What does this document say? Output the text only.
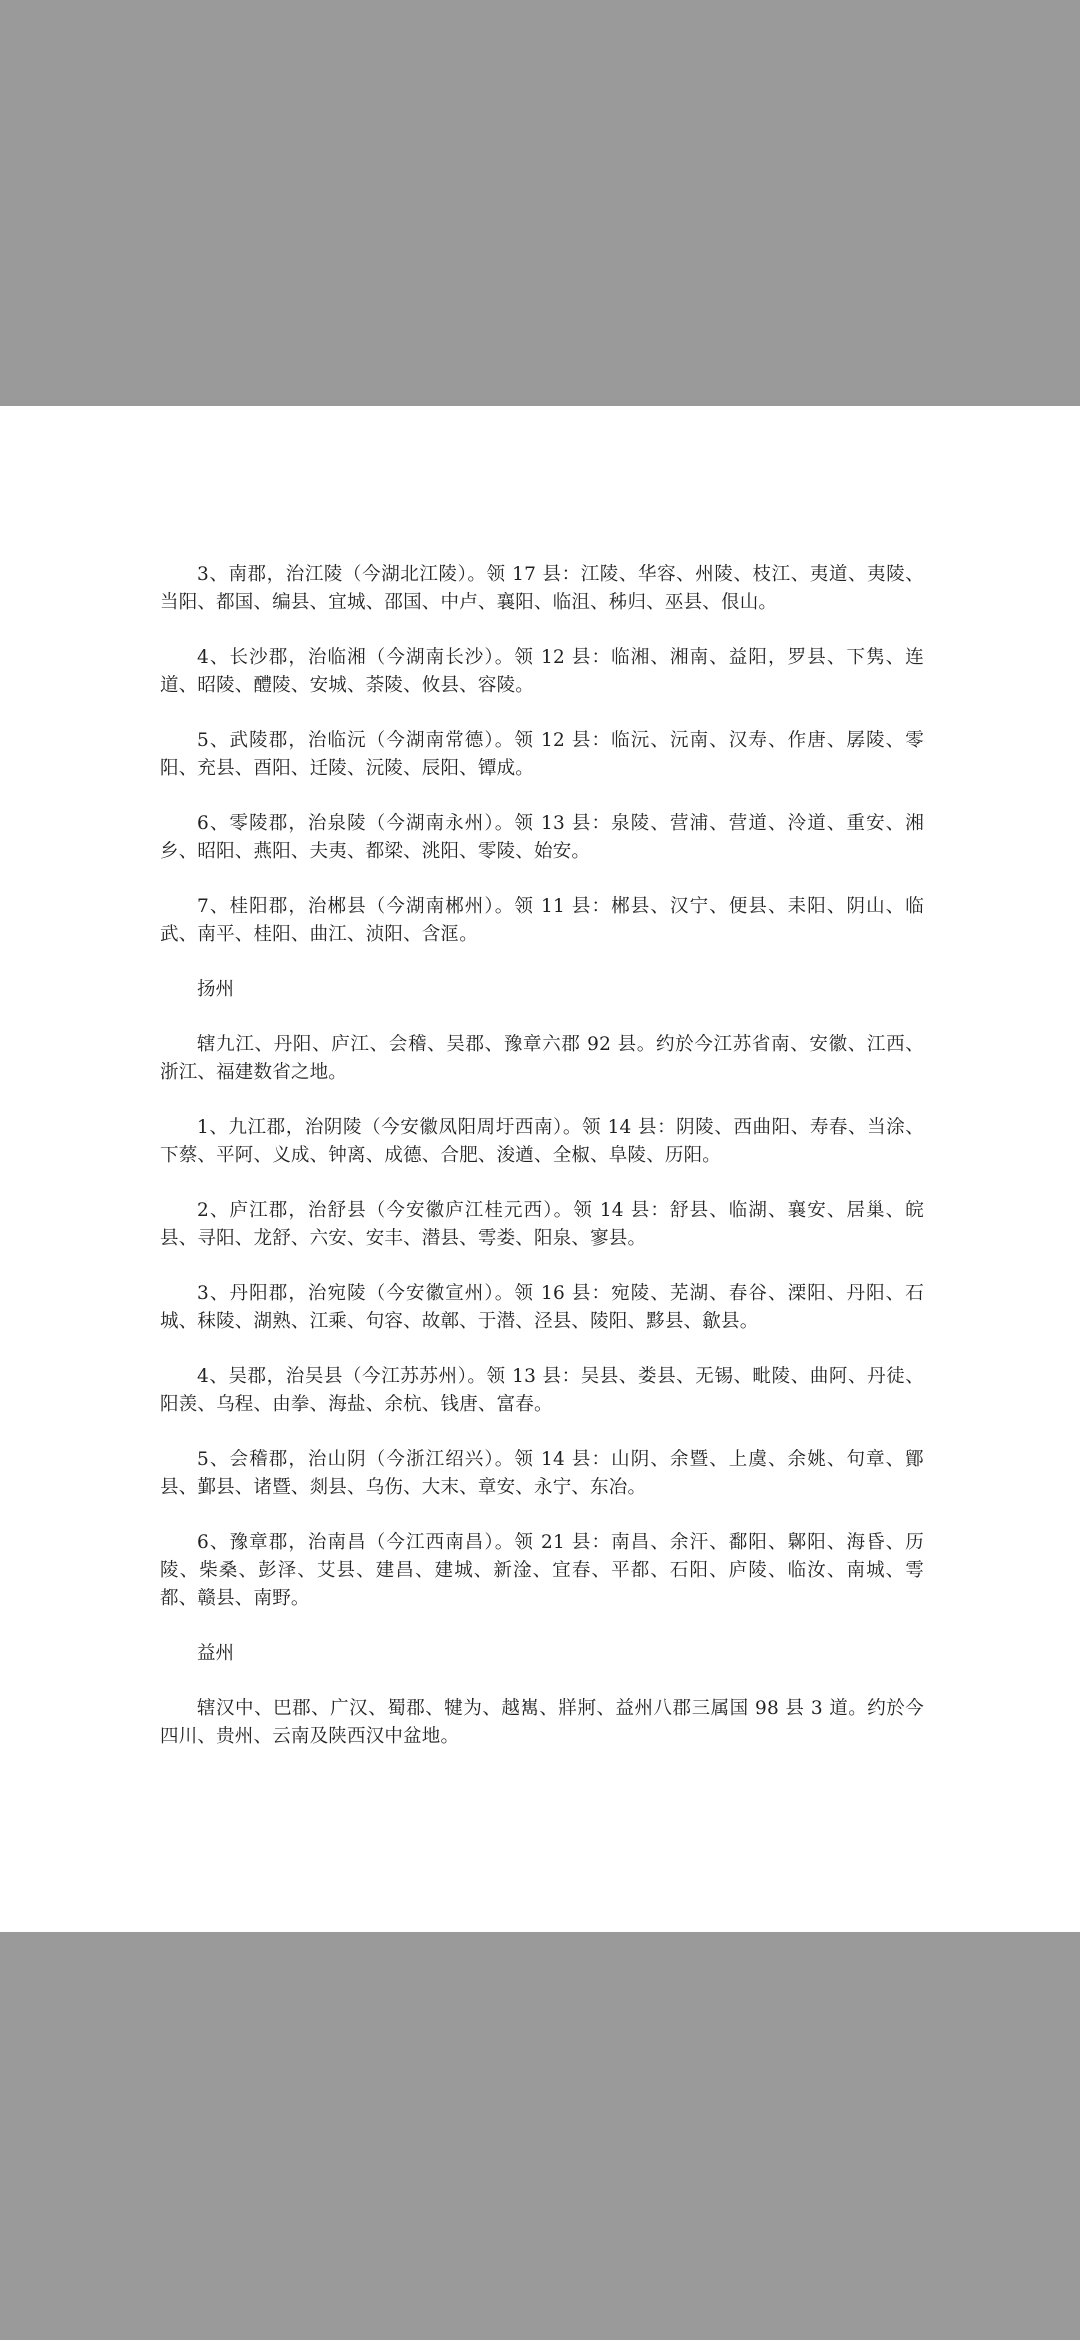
3、南郡，治江陵（今湖北江陵）。领 17 县：江陵、华容、州陵、枝江、夷道、夷陵、当阳、都国、编县、宜城、邵国、中卢、襄阳、临沮、秭归、巫县、佷山。

4、长沙郡，治临湘（今湖南长沙）。领 12 县：临湘、湘南、益阳，罗县、下隽、连道、昭陵、醴陵、安城、荼陵、攸县、容陵。

5、武陵郡，治临沅（今湖南常德）。领 12 县：临沅、沅南、汉寿、作唐、孱陵、零阳、充县、酉阳、迁陵、沅陵、辰阳、镡成。

6、零陵郡，治泉陵（今湖南永州）。领 13 县：泉陵、营浦、营道、泠道、重安、湘乡、昭阳、燕阳、夫夷、都梁、洮阳、零陵、始安。

7、桂阳郡，治郴县（今湖南郴州）。领 11 县：郴县、汉宁、便县、耒阳、阴山、临武、南平、桂阳、曲江、浈阳、含洭。

扬州

辖九江、丹阳、庐江、会稽、吴郡、豫章六郡 92 县。约於今江苏省南、安徽、江西、浙江、福建数省之地。

1、九江郡，治阴陵（今安徽凤阳周圩西南）。领 14 县：阴陵、西曲阳、寿春、当涂、下蔡、平阿、义成、钟离、成德、合肥、浚遒、全椒、阜陵、历阳。

2、庐江郡，治舒县（今安徽庐江桂元西）。领 14 县：舒县、临湖、襄安、居巢、皖县、寻阳、龙舒、六安、安丰、潜县、雩娄、阳泉、寥县。

3、丹阳郡，治宛陵（今安徽宣州）。领 16 县：宛陵、芜湖、春谷、溧阳、丹阳、石城、秣陵、湖熟、江乘、句容、故鄣、于潜、泾县、陵阳、黟县、歙县。

4、吴郡，治吴县（今江苏苏州）。领 13 县：吴县、娄县、无锡、毗陵、曲阿、丹徒、阳羡、乌程、由拳、海盐、余杭、钱唐、富春。

5、会稽郡，治山阴（今浙江绍兴）。领 14 县：山阴、余暨、上虞、余姚、句章、鄮县、鄞县、诸暨、剡县、乌伤、大末、章安、永宁、东冶。

6、豫章郡，治南昌（今江西南昌）。领 21 县：南昌、余汗、鄱阳、鄡阳、海昏、历陵、柴桑、彭泽、艾县、建昌、建城、新淦、宜春、平都、石阳、庐陵、临汝、南城、雩都、赣县、南野。

益州

辖汉中、巴郡、广汉、蜀郡、犍为、越嶲、牂牁、益州八郡三属国 98 县 3 道。约於今四川、贵州、云南及陕西汉中盆地。
